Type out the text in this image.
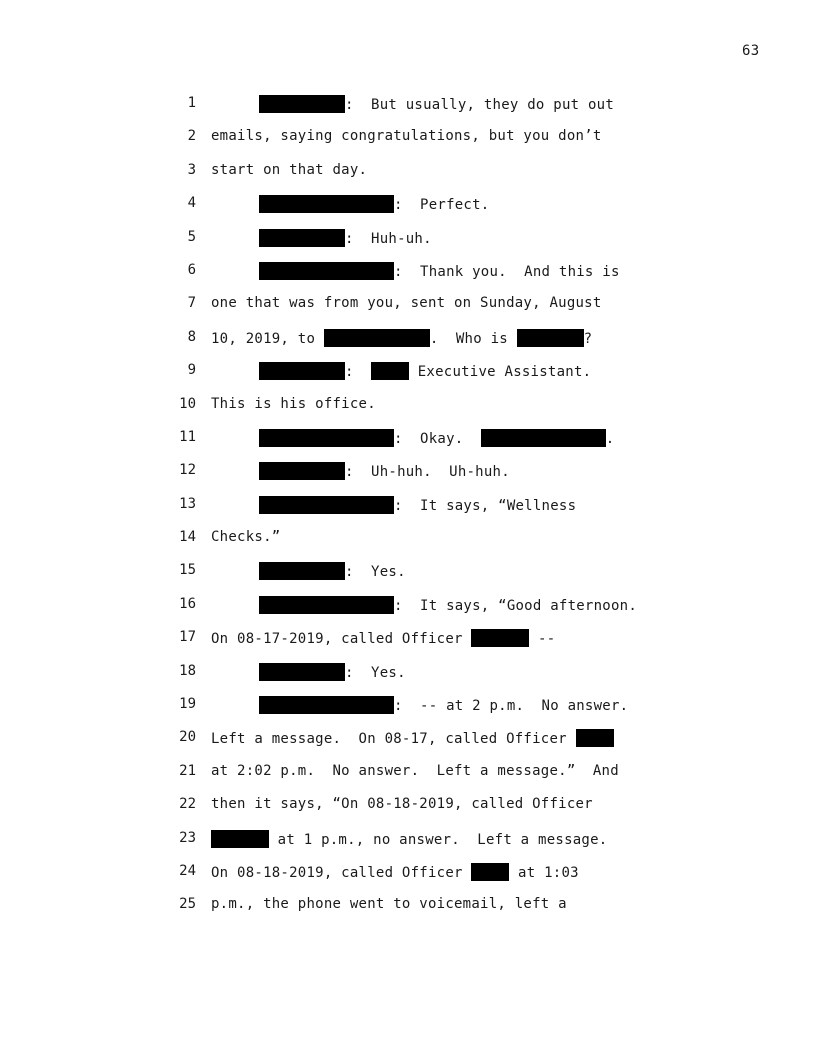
63
1	:  But usually, they do put out
2 emails, saying congratulations, but you don’t
3 start on that day.
4	:  Perfect.
5	:  Huh-uh.
6	:  Thank you.  And this is
7 one that was from you, sent on Sunday, August
8 10, 2019, to	.  Who is	?
9	:	Executive Assistant.
10 This is his office.
11	:  Okay.	.
12	:  Uh-huh.  Uh-huh.
13	:  It says, “Wellness
14 Checks.”
15	:  Yes.
16	:  It says, “Good afternoon.
17 On 08-17-2019, called Officer	--
18	:  Yes.
19	:  -- at 2 p.m.  No answer.
20 Left a message.  On 08-17, called Officer
21 at 2:02 p.m.  No answer.  Left a message.”  And
22 then it says, “On 08-18-2019, called Officer
23	at 1 p.m., no answer.  Left a message.
24 On 08-18-2019, called Officer	at 1:03
25 p.m., the phone went to voicemail, left a
